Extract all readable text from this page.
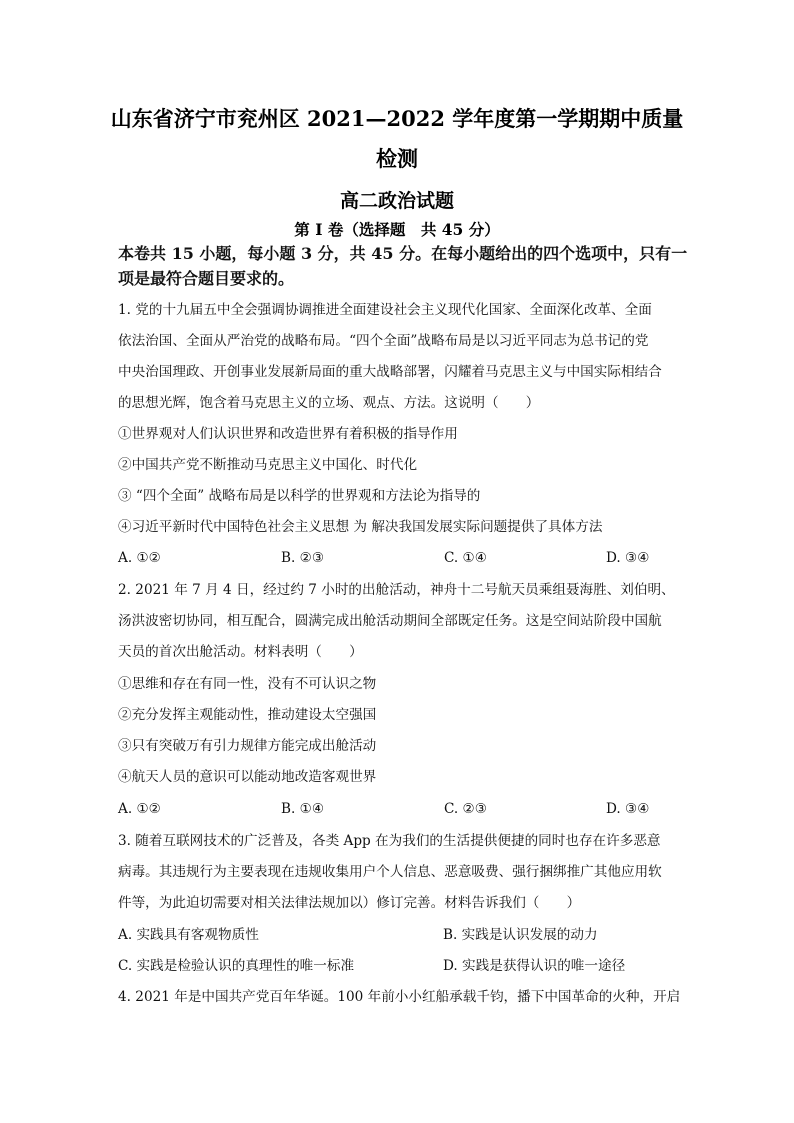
山东省济宁市兖州区 2021—2022 学年度第一学期期中质量
检测
高二政治试题
第 I 卷（选择题　共 45 分）
本卷共 15 小题，每小题 3 分，共 45 分。在每小题给出的四个选项中，只有一
项是最符合题目要求的。
1. 党的十九届五中全会强调协调推进全面建设社会主义现代化国家、全面深化改革、全面
依法治国、全面从严治党的战略布局。“四个全面”战略布局是以习近平同志为总书记的党
中央治国理政、开创事业发展新局面的重大战略部署，闪耀着马克思主义与中国实际相结合
的思想光辉，饱含着马克思主义的立场、观点、方法。这说明（　　）
①世界观对人们认识世界和改造世界有着积极的指导作用
②中国共产党不断推动马克思主义中国化、时代化
③ “四个全面” 战略布局是以科学的世界观和方法论为指导的
④习近平新时代中国特色社会主义思想 为 解决我国发展实际问题提供了具体方法
A. ①②	B. ②③	C. ①④	D. ③④
2. 2021 年 7 月 4 日，经过约 7 小时的出舱活动，神舟十二号航天员乘组聂海胜、刘伯明、
汤洪波密切协同，相互配合，圆满完成出舱活动期间全部既定任务。这是空间站阶段中国航
天员的首次出舱活动。材料表明（　　）
①思维和存在有同一性，没有不可认识之物
②充分发挥主观能动性，推动建设太空强国
③只有突破万有引力规律方能完成出舱活动
④航天人员的意识可以能动地改造客观世界
A. ①②	B. ①④	C. ②③	D. ③④
3. 随着互联网技术的广泛普及，各类 App 在为我们的生活提供便捷的同时也存在许多恶意
病毒。其违规行为主要表现在违规收集用户个人信息、恶意吸费、强行捆绑推广其他应用软
件等，为此迫切需要对相关法律法规加以）修订完善。材料告诉我们（　　）
A. 实践具有客观物质性	B. 实践是认识发展的动力
C. 实践是检验认识的真理性的唯一标准	D. 实践是获得认识的唯一途径
4. 2021 年是中国共产党百年华诞。100 年前小小红船承载千钧，播下中国革命的火种，开启
